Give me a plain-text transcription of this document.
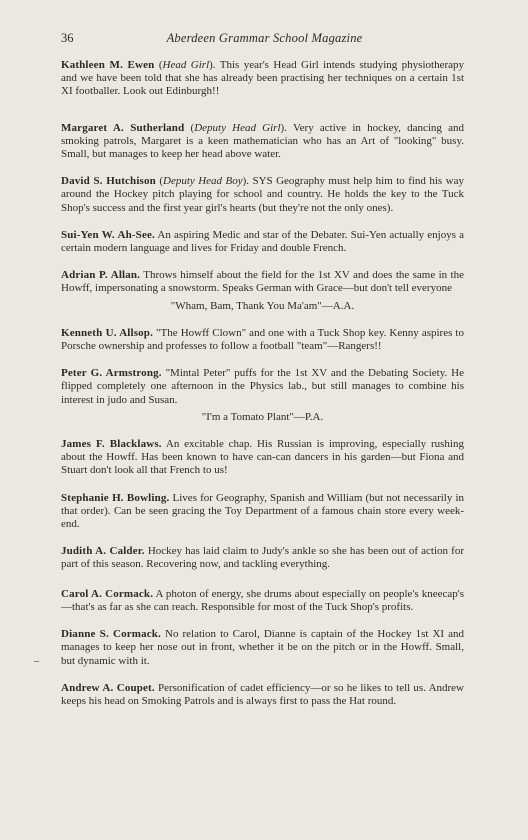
36	Aberdeen Grammar School Magazine

Kathleen M. Ewen (Head Girl). This year's Head Girl intends studying physiotherapy and we have been told that she has already been practising her techniques on a certain 1st XI footballer. Look out Edinburgh!!

Margaret A. Sutherland (Deputy Head Girl). Very active in hockey, dancing and smoking patrols, Margaret is a keen mathematician who has an Art of "looking" busy. Small, but manages to keep her head above water.

David S. Hutchison (Deputy Head Boy). SYS Geography must help him to find his way around the Hockey pitch playing for school and country. He holds the key to the Tuck Shop's success and the first year girl's hearts (but they're not the only ones).

Sui-Yen W. Ah-See. An aspiring Medic and star of the Debater. Sui-Yen actually enjoys a certain modern language and lives for Friday and double French.

Adrian P. Allan. Throws himself about the field for the 1st XV and does the same in the Howff, impersonating a snowstorm. Speaks German with Grace—but don't tell everyone
"Wham, Bam, Thank You Ma'am"—A.A.

Kenneth U. Allsop. "The Howff Clown" and one with a Tuck Shop key. Kenny aspires to Porsche ownership and professes to follow a football "team"—Rangers!!

Peter G. Armstrong. "Mintal Peter" puffs for the 1st XV and the Debating Society. He flipped completely one afternoon in the Physics lab., but still manages to combine his interest in judo and Susan.
"I'm a Tomato Plant"—P.A.

James F. Blacklaws. An excitable chap. His Russian is improving, especially rushing about the Howff. Has been known to have can-can dancers in his garden—but Fiona and Stuart don't look all that French to us!

Stephanie H. Bowling. Lives for Geography, Spanish and William (but not necessarily in that order). Can be seen gracing the Toy Department of a famous chain store every week-end.

Judith A. Calder. Hockey has laid claim to Judy's ankle so she has been out of action for part of this season. Recovering now, and tackling everything.

Carol A. Cormack. A photon of energy, she drums about especially on people's kneecap's—that's as far as she can reach. Responsible for most of the Tuck Shop's profits.

Dianne S. Cormack. No relation to Carol, Dianne is captain of the Hockey 1st XI and manages to keep her nose out in front, whether it be on the pitch or in the Howff. Small, but dynamic with it.

Andrew A. Coupet. Personification of cadet efficiency—or so he likes to tell us. Andrew keeps his head on Smoking Patrols and is always first to pass the Hat round.
